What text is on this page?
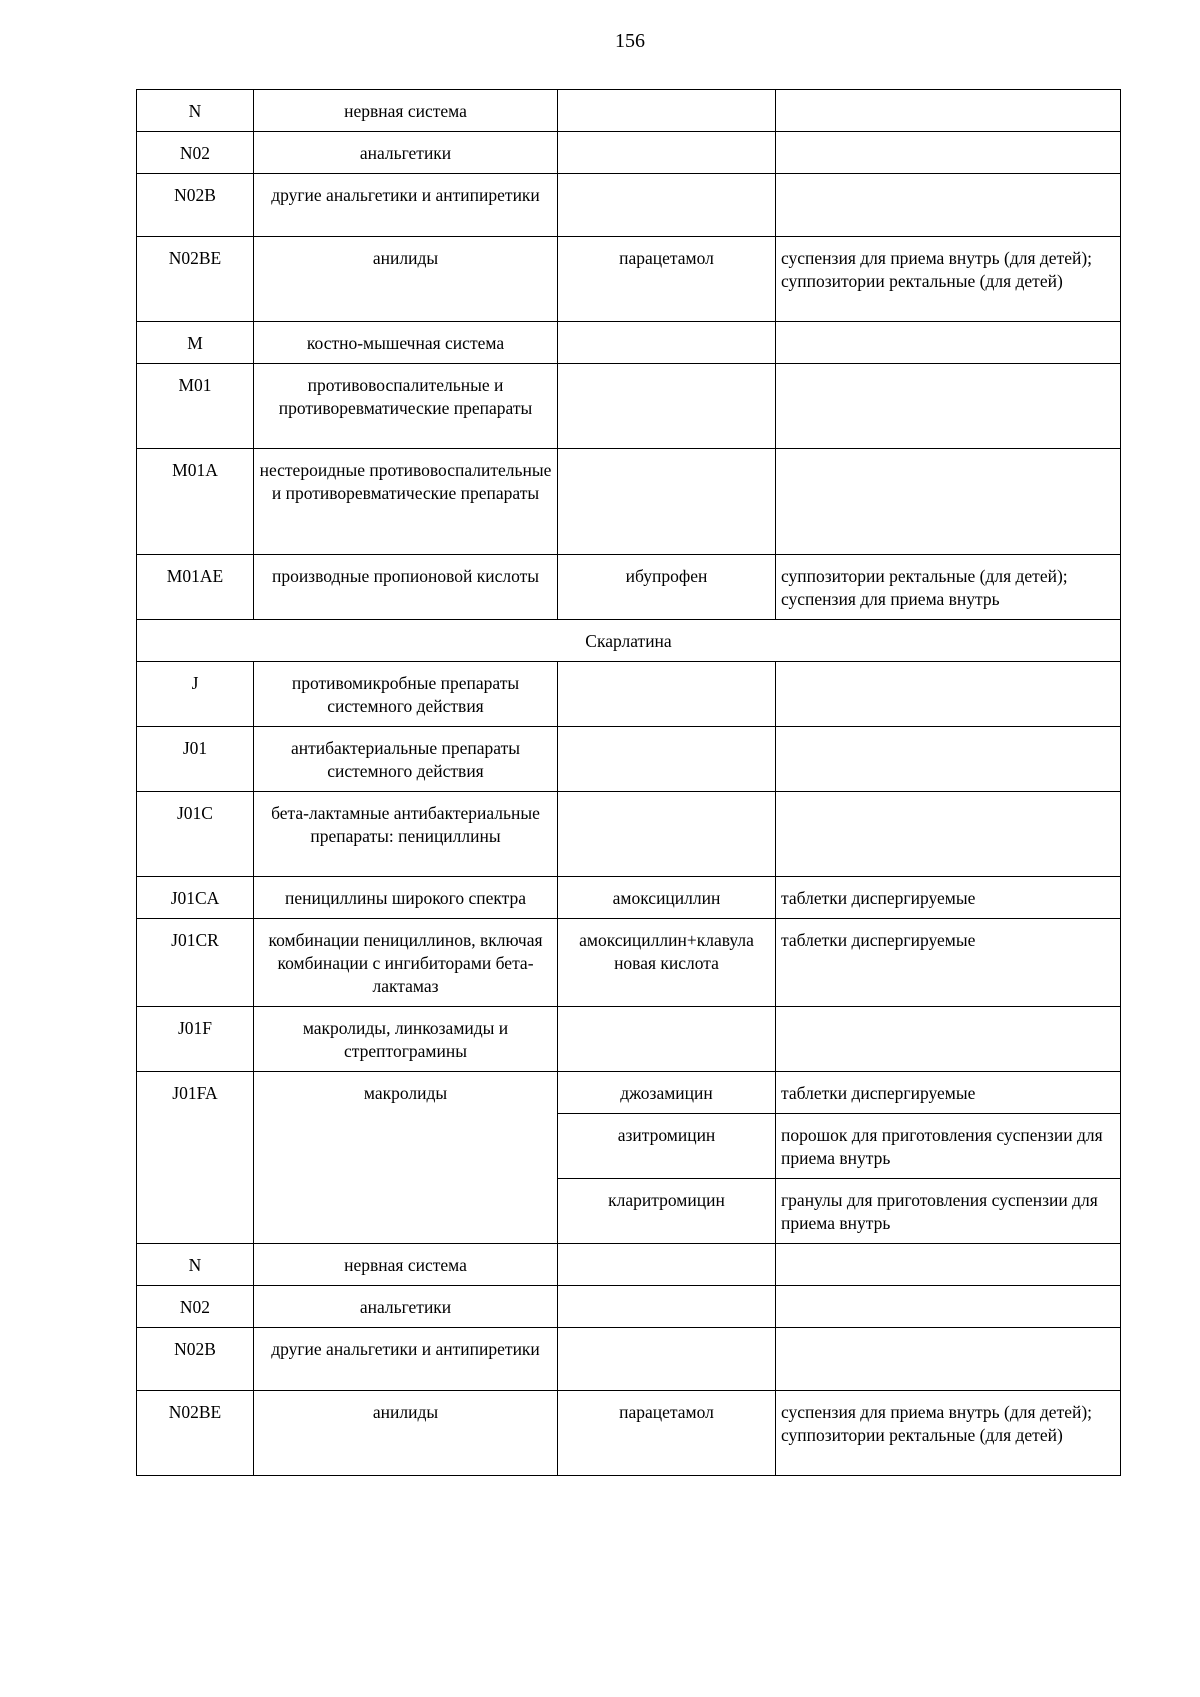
156
N	нервная система		
N02	анальгетики		
N02B	другие анальгетики и антипиретики		
N02BE	анилиды	парацетамол	суспензия для приема внутрь (для детей);
суппозитории ректальные (для детей)
M	костно-мышечная система		
M01	противовоспалительные и противоревматические препараты		
M01A	нестероидные противовоспалительные и противоревматические препараты		
M01AE	производные пропионовой кислоты	ибупрофен	суппозитории ректальные (для детей); суспензия для приема внутрь
Скарлатина			
J	противомикробные препараты системного действия		
J01	антибактериальные препараты системного действия		
J01C	бета-лактамные антибактериальные препараты: пенициллины		
J01CA	пенициллины широкого спектра	амоксициллин	таблетки диспергируемые
J01CR	комбинации пенициллинов, включая комбинации с ингибиторами бета-лактамаз	амоксициллин+клавула новая кислота	таблетки диспергируемые
J01F	макролиды, линкозамиды и стрептограмины		
J01FA	макролиды	джозамицин	таблетки диспергируемые
		азитромицин	порошок для приготовления суспензии для приема внутрь
		кларитромицин	гранулы для приготовления суспензии для приема внутрь
N	нервная система		
N02	анальгетики		
N02B	другие анальгетики и антипиретики		
N02BE	анилиды	парацетамол	суспензия для приема внутрь (для детей);
суппозитории ректальные (для детей)
